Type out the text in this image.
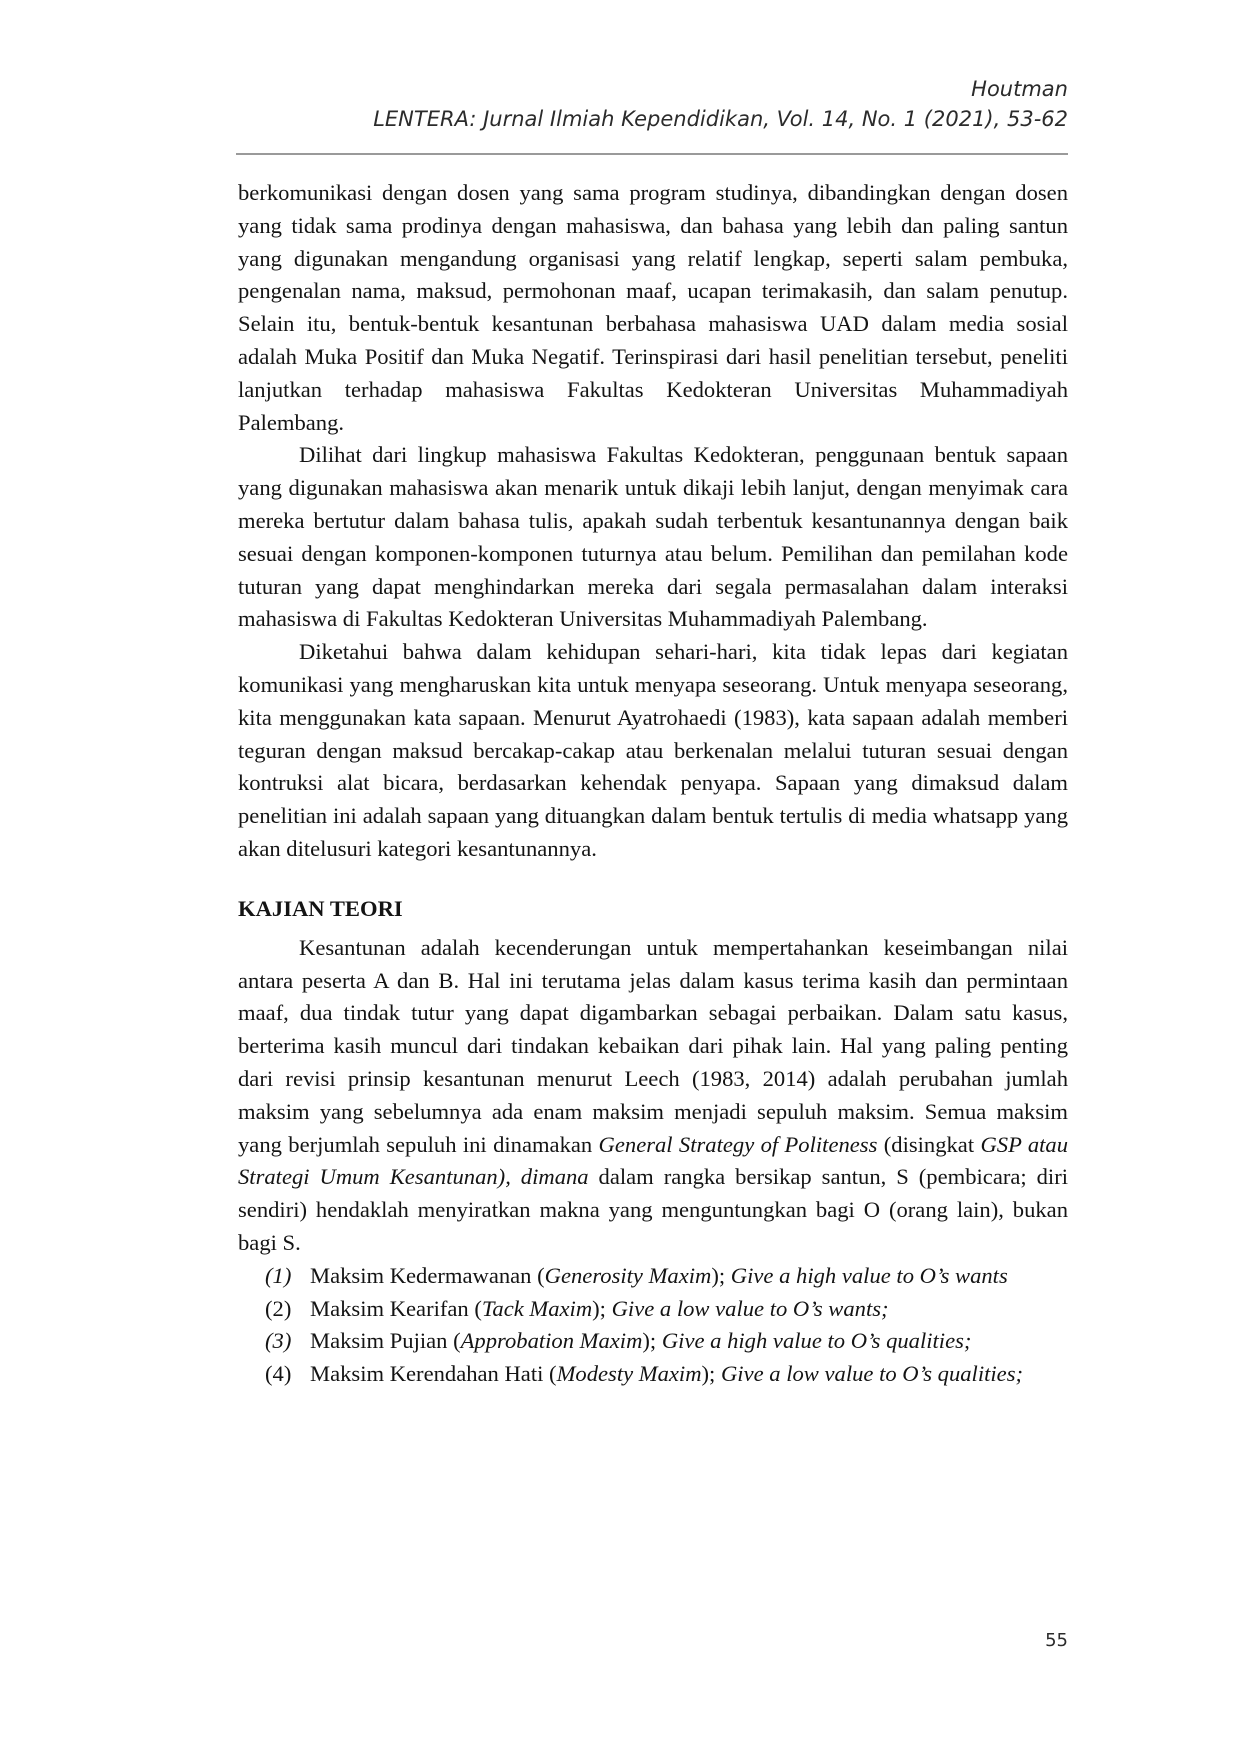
Houtman
LENTERA: Jurnal Ilmiah Kependidikan, Vol. 14, No. 1 (2021), 53-62

berkomunikasi dengan dosen yang sama program studinya, dibandingkan dengan dosen yang tidak sama prodinya dengan mahasiswa, dan bahasa yang lebih dan paling santun yang digunakan mengandung organisasi yang relatif lengkap, seperti salam pembuka, pengenalan nama, maksud, permohonan maaf, ucapan terimakasih, dan salam penutup. Selain itu, bentuk-bentuk kesantunan berbahasa mahasiswa UAD dalam media sosial adalah Muka Positif dan Muka Negatif. Terinspirasi dari hasil penelitian tersebut, peneliti lanjutkan terhadap mahasiswa Fakultas Kedokteran Universitas Muhammadiyah Palembang.

Dilihat dari lingkup mahasiswa Fakultas Kedokteran, penggunaan bentuk sapaan yang digunakan mahasiswa akan menarik untuk dikaji lebih lanjut, dengan menyimak cara mereka bertutur dalam bahasa tulis, apakah sudah terbentuk kesantunannya dengan baik sesuai dengan komponen-komponen tuturnya atau belum. Pemilihan dan pemilahan kode tuturan yang dapat menghindarkan mereka dari segala permasalahan dalam interaksi mahasiswa di Fakultas Kedokteran Universitas Muhammadiyah Palembang.

Diketahui bahwa dalam kehidupan sehari-hari, kita tidak lepas dari kegiatan komunikasi yang mengharuskan kita untuk menyapa seseorang. Untuk menyapa seseorang, kita menggunakan kata sapaan. Menurut Ayatrohaedi (1983), kata sapaan adalah memberi teguran dengan maksud bercakap-cakap atau berkenalan melalui tuturan sesuai dengan kontruksi alat bicara, berdasarkan kehendak penyapa. Sapaan yang dimaksud dalam penelitian ini adalah sapaan yang dituangkan dalam bentuk tertulis di media whatsapp yang akan ditelusuri kategori kesantunannya.

KAJIAN TEORI

Kesantunan adalah kecenderungan untuk mempertahankan keseimbangan nilai antara peserta A dan B. Hal ini terutama jelas dalam kasus terima kasih dan permintaan maaf, dua tindak tutur yang dapat digambarkan sebagai perbaikan. Dalam satu kasus, berterima kasih muncul dari tindakan kebaikan dari pihak lain. Hal yang paling penting dari revisi prinsip kesantunan menurut Leech (1983, 2014) adalah perubahan jumlah maksim yang sebelumnya ada enam maksim menjadi sepuluh maksim. Semua maksim yang berjumlah sepuluh ini dinamakan General Strategy of Politeness (disingkat GSP atau Strategi Umum Kesantunan), dimana dalam rangka bersikap santun, S (pembicara; diri sendiri) hendaklah menyiratkan makna yang menguntungkan bagi O (orang lain), bukan bagi S.

(1) Maksim Kedermawanan (Generosity Maxim); Give a high value to O’s wants
(2) Maksim Kearifan (Tack Maxim); Give a low value to O’s wants;
(3) Maksim Pujian (Approbation Maxim); Give a high value to O’s qualities;
(4) Maksim Kerendahan Hati (Modesty Maxim); Give a low value to O’s qualities;
55
